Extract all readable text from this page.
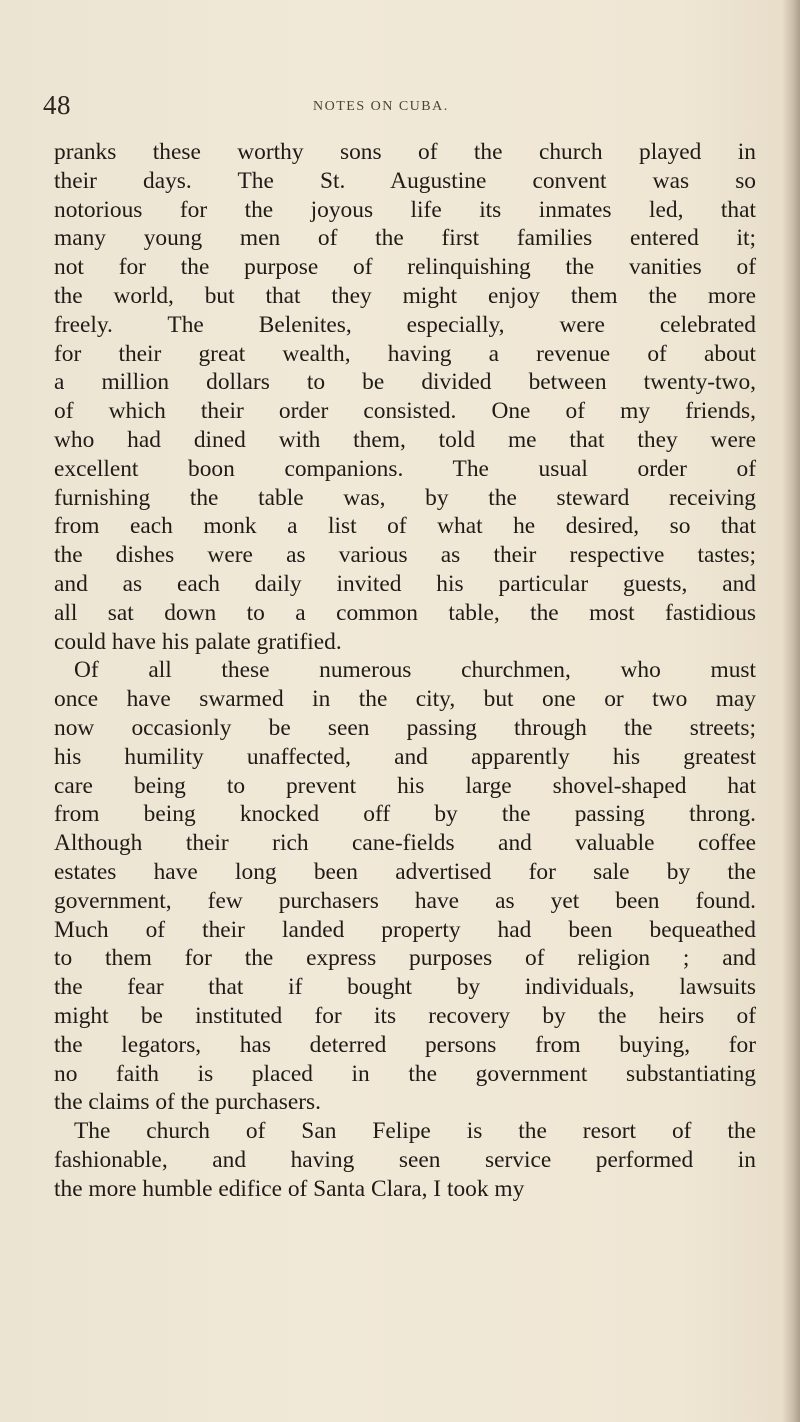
48	NOTES ON CUBA.

pranks these worthy sons of the church played in
their days. The St. Augustine convent was so
notorious for the joyous life its inmates led, that
many young men of the first families entered it;
not for the purpose of relinquishing the vanities of
the world, but that they might enjoy them the more
freely. The Belenites, especially, were celebrated
for their great wealth, having a revenue of about
a million dollars to be divided between twenty-two,
of which their order consisted. One of my friends,
who had dined with them, told me that they were
excellent boon companions. The usual order of
furnishing the table was, by the steward receiving
from each monk a list of what he desired, so that
the dishes were as various as their respective tastes;
and as each daily invited his particular guests, and
all sat down to a common table, the most fastidious
could have his palate gratified.

Of all these numerous churchmen, who must
once have swarmed in the city, but one or two may
now occasionly be seen passing through the streets;
his humility unaffected, and apparently his greatest
care being to prevent his large shovel-shaped hat
from being knocked off by the passing throng.
Although their rich cane-fields and valuable coffee
estates have long been advertised for sale by the
government, few purchasers have as yet been found.
Much of their landed property had been bequeathed
to them for the express purposes of religion ; and
the fear that if bought by individuals, lawsuits
might be instituted for its recovery by the heirs of
the legators, has deterred persons from buying, for
no faith is placed in the government substantiating
the claims of the purchasers.

The church of San Felipe is the resort of the
fashionable, and having seen service performed in
the more humble edifice of Santa Clara, I took my
